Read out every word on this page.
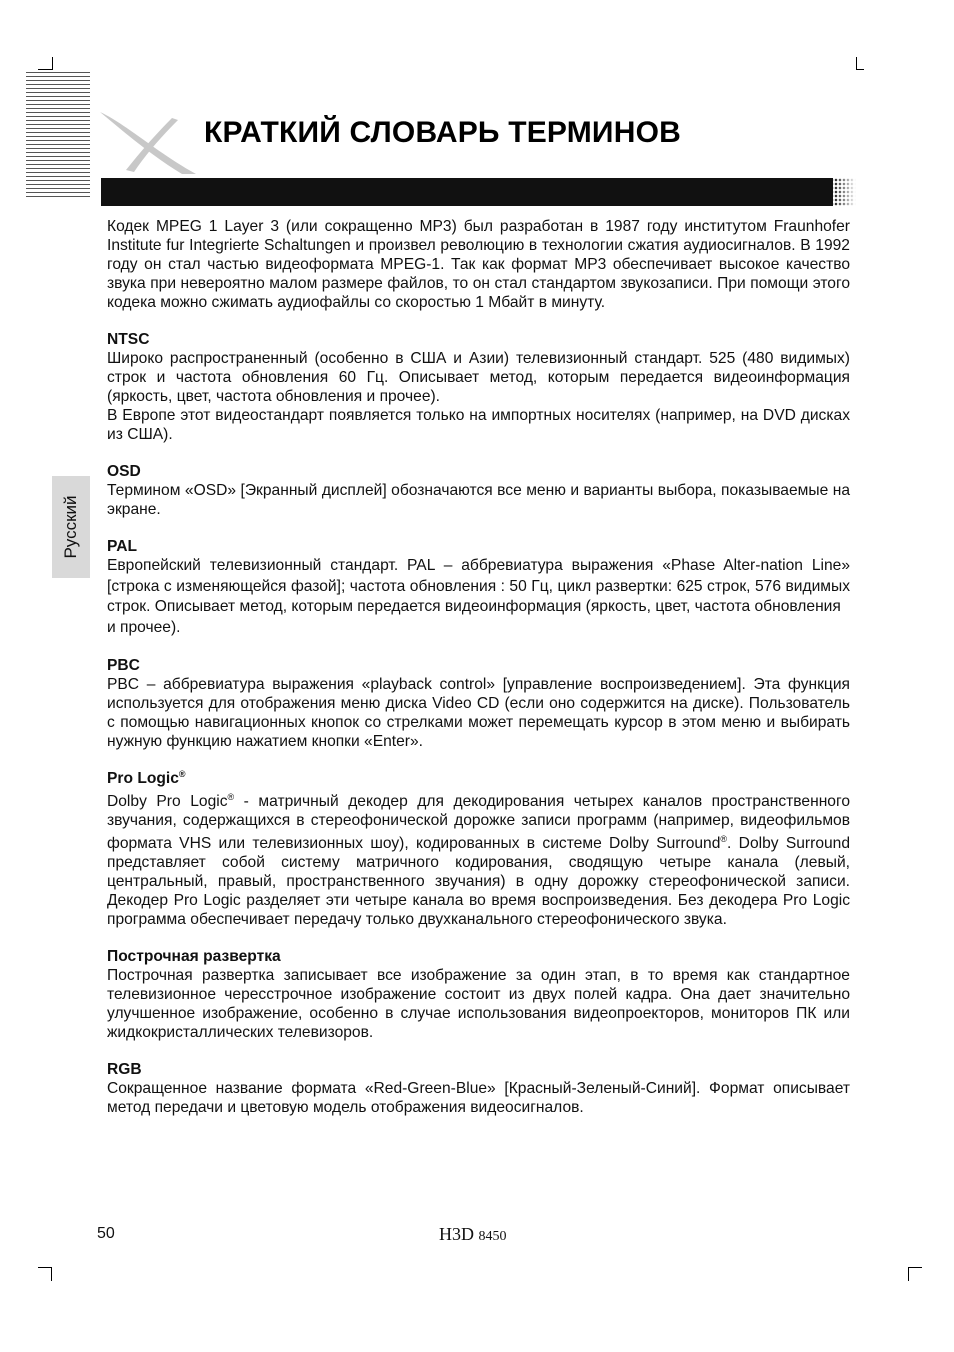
КРАТКИЙ СЛОВАРЬ ТЕРМИНОВ
Русский

Кодек MPEG 1 Layer 3 (или сокращенно MP3) был разработан в 1987 году институтом Fraunhofer Institute fur Integrierte Schaltungen и произвел революцию в технологии сжатия аудиосигналов. В 1992 году он стал частью видеоформата MPEG-1. Так как формат MP3 обеспечивает высокое качество звука при невероятно малом размере файлов, то он стал стандартом звукозаписи. При помощи этого кодека можно сжимать аудиофайлы со скоростью 1 Мбайт в минуту.

NTSC

Широко распространенный (особенно в США и Азии) телевизионный стандарт. 525 (480 видимых) строк и частота обновления 60 Гц. Описывает метод, которым передается видеоинформация (яркость, цвет, частота обновления и прочее).

В Европе этот видеостандарт появляется только на импортных носителях (например, на DVD дисках из США).

OSD

Термином «OSD» [Экранный дисплей] обозначаются все меню и варианты выбора, показываемые на экране.

PAL

Европейский телевизионный стандарт. PAL – аббревиатура выражения «Phase Alter-nation Line» [строка с изменяющейся фазой]; частота обновления : 50 Гц, цикл развертки: 625 строк, 576 видимых строк. Описывает метод, которым передается видеоинформация (яркость, цвет, частота обновления

и прочее).

PBC

PBC – аббревиатура выражения «playback control» [управление воспроизведением]. Эта функция используется для отображения меню диска Video CD (если оно содержится на диске). Пользователь с помощью навигационных кнопок со стрелками может перемещать курсор в этом меню и выбирать нужную функцию нажатием кнопки «Enter».

Pro Logic®

Dolby Pro Logic® - матричный декодер для декодирования четырех каналов пространственного звучания, содержащихся в стереофонической дорожке записи программ (например, видеофильмов формата VHS или телевизионных шоу), кодированных в системе Dolby Surround®. Dolby Surround представляет собой систему матричного кодирования, сводящую четыре канала (левый, центральный, правый, пространственного звучания) в одну дорожку стереофонической записи. Декодер Pro Logic разделяет эти четыре канала во время воспроизведения. Без декодера Pro Logic программа обеспечивает передачу только двухканального стереофонического звука.

Построчная развертка

Построчная развертка записывает все изображение за один этап, в то время как стандартное телевизионное чересстрочное изображение состоит из двух полей кадра. Она дает значительно улучшенное изображение, особенно в случае использования видеопроекторов, мониторов ПК или жидкокристаллических телевизоров.

RGB

Сокращенное название формата «Red-Green-Blue» [Красный-Зеленый-Синий]. Формат описывает метод передачи и цветовую модель отображения видеосигналов.

50	H3D 8450
